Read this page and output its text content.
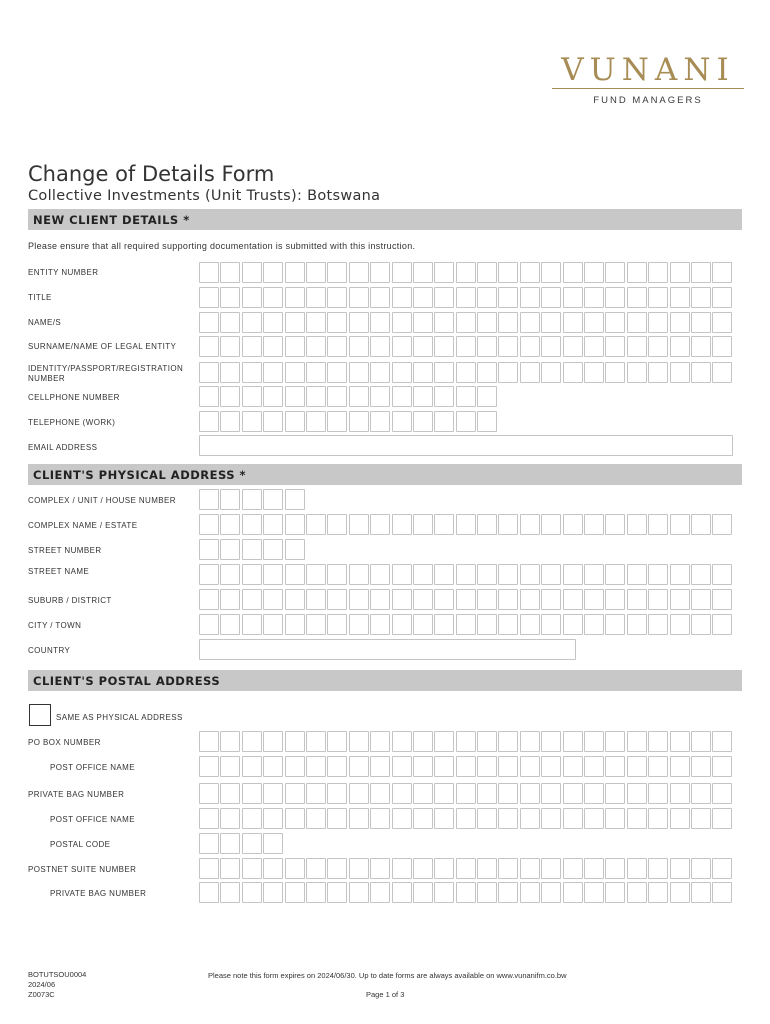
VUNANI
FUND MANAGERS
Change of Details Form
Collective Investments (Unit Trusts): Botswana
NEW CLIENT DETAILS *
Please ensure that all required supporting documentation is submitted with this instruction.
ENTITY NUMBER
TITLE
NAME/S
SURNAME/NAME OF LEGAL ENTITY
IDENTITY/PASSPORT/REGISTRATION
NUMBER
CELLPHONE NUMBER
TELEPHONE (WORK)
EMAIL ADDRESS
CLIENT'S PHYSICAL ADDRESS *
COMPLEX / UNIT / HOUSE NUMBER
COMPLEX NAME / ESTATE
STREET NUMBER
STREET NAME
SUBURB / DISTRICT
CITY / TOWN
COUNTRY
CLIENT'S POSTAL ADDRESS
SAME AS PHYSICAL ADDRESS
PO BOX NUMBER
POST OFFICE NAME
PRIVATE BAG NUMBER
POST OFFICE NAME
POSTAL CODE
POSTNET SUITE NUMBER
PRIVATE BAG NUMBER
BOTUTSOU0004
2024/06
Z0073C
Please note this form expires on 2024/06/30. Up to date forms are always available on www.vunanifm.co.bw
Page 1 of 3
